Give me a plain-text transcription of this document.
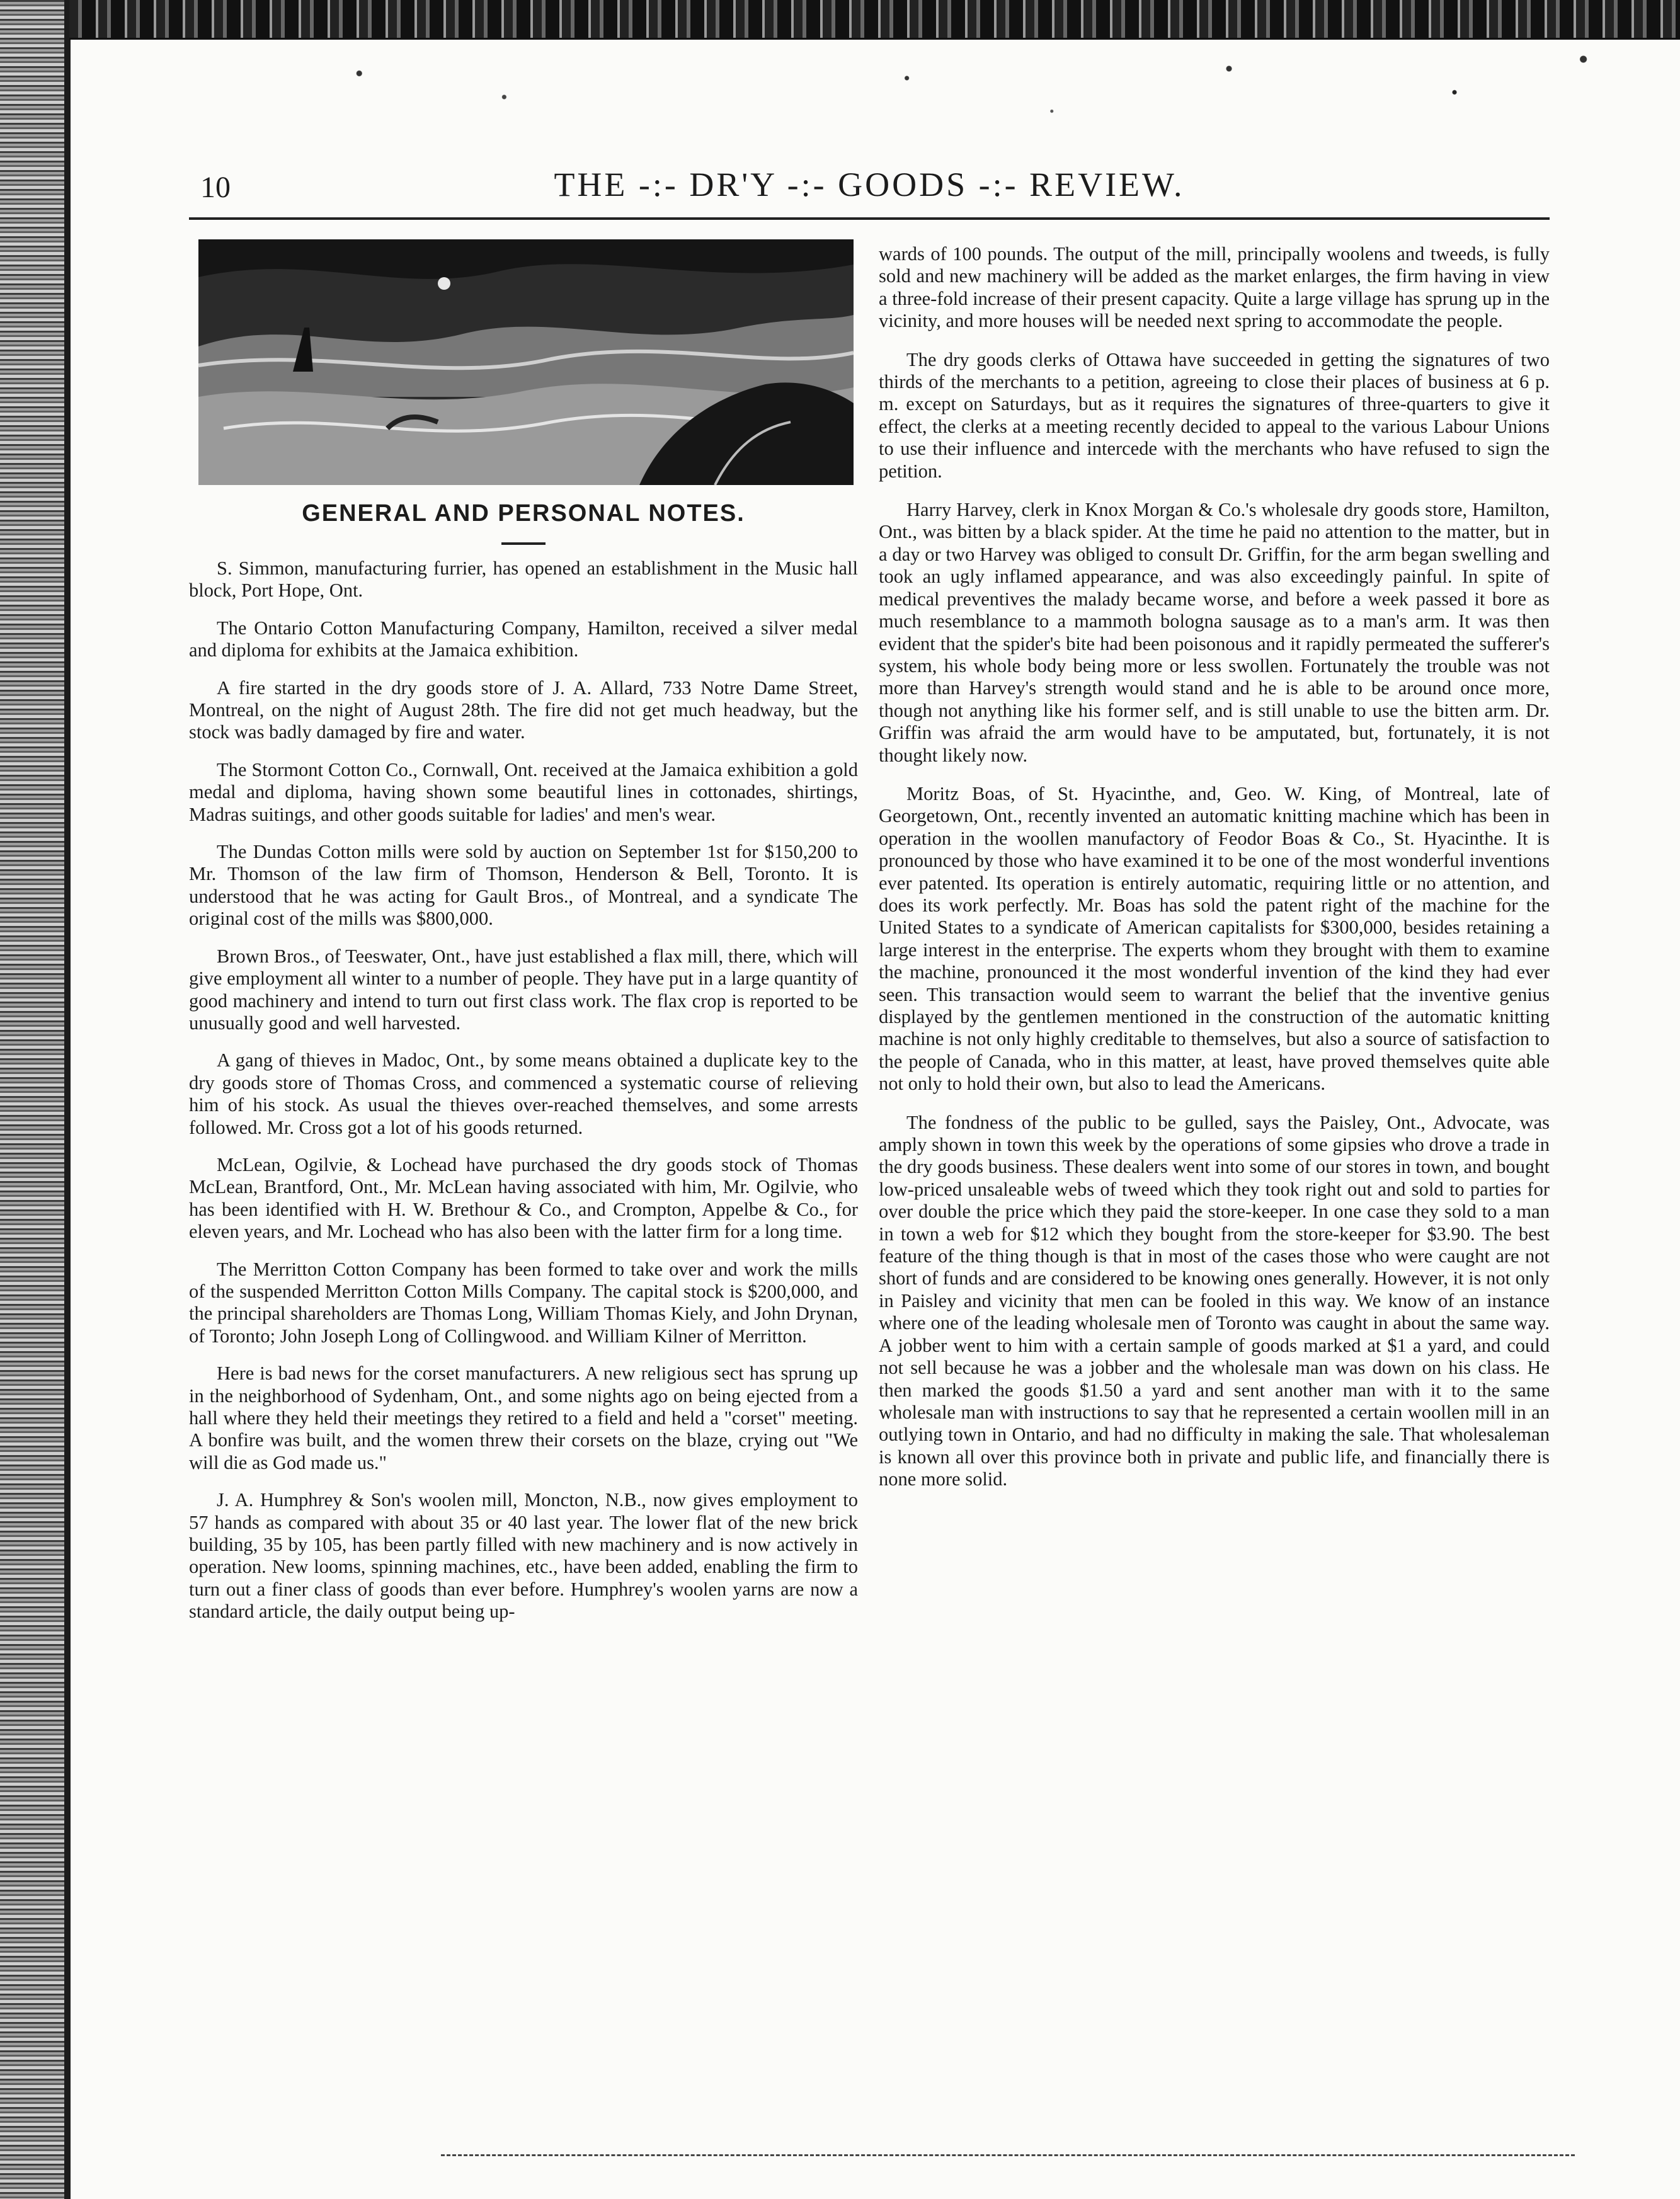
10	THE -:- DR'Y -:- GOODS -:- REVIEW.
GENERAL AND PERSONAL NOTES.

S. Simmon, manufacturing furrier, has opened an establishment in the Music hall block, Port Hope, Ont.

The Ontario Cotton Manufacturing Company, Hamilton, received a silver medal and diploma for exhibits at the Jamaica exhibition.

A fire started in the dry goods store of J. A. Allard, 733 Notre Dame Street, Montreal, on the night of August 28th. The fire did not get much headway, but the stock was badly damaged by fire and water.

The Stormont Cotton Co., Cornwall, Ont. received at the Jamaica exhibition a gold medal and diploma, having shown some beautiful lines in cottonades, shirtings, Madras suitings, and other goods suitable for ladies' and men's wear.

The Dundas Cotton mills were sold by auction on September 1st for $150,200 to Mr. Thomson of the law firm of Thomson, Henderson & Bell, Toronto. It is understood that he was acting for Gault Bros., of Montreal, and a syndicate The original cost of the mills was $800,000.

Brown Bros., of Teeswater, Ont., have just established a flax mill, there, which will give employment all winter to a number of people. They have put in a large quantity of good machinery and intend to turn out first class work. The flax crop is reported to be unusually good and well harvested.

A gang of thieves in Madoc, Ont., by some means obtained a duplicate key to the dry goods store of Thomas Cross, and commenced a systematic course of relieving him of his stock. As usual the thieves over-reached themselves, and some arrests followed. Mr. Cross got a lot of his goods returned.

McLean, Ogilvie, & Lochead have purchased the dry goods stock of Thomas McLean, Brantford, Ont., Mr. McLean having associated with him, Mr. Ogilvie, who has been identified with H. W. Brethour & Co., and Crompton, Appelbe & Co., for eleven years, and Mr. Lochead who has also been with the latter firm for a long time.

The Merritton Cotton Company has been formed to take over and work the mills of the suspended Merritton Cotton Mills Company. The capital stock is $200,000, and the principal shareholders are Thomas Long, William Thomas Kiely, and John Drynan, of Toronto; John Joseph Long of Collingwood. and William Kilner of Merritton.

Here is bad news for the corset manufacturers. A new religious sect has sprung up in the neighborhood of Sydenham, Ont., and some nights ago on being ejected from a hall where they held their meetings they retired to a field and held a "corset" meeting. A bonfire was built, and the women threw their corsets on the blaze, crying out "We will die as God made us."

J. A. Humphrey & Son's woolen mill, Moncton, N.B., now gives employment to 57 hands as compared with about 35 or 40 last year. The lower flat of the new brick building, 35 by 105, has been partly filled with new machinery and is now actively in operation. New looms, spinning machines, etc., have been added, enabling the firm to turn out a finer class of goods than ever before. Humphrey's woolen yarns are now a standard article, the daily output being up-

wards of 100 pounds. The output of the mill, principally woolens and tweeds, is fully sold and new machinery will be added as the market enlarges, the firm having in view a three-fold increase of their present capacity. Quite a large village has sprung up in the vicinity, and more houses will be needed next spring to accommodate the people.

The dry goods clerks of Ottawa have succeeded in getting the signatures of two thirds of the merchants to a petition, agreeing to close their places of business at 6 p. m. except on Saturdays, but as it requires the signatures of three-quarters to give it effect, the clerks at a meeting recently decided to appeal to the various Labour Unions to use their influence and intercede with the merchants who have refused to sign the petition.

Harry Harvey, clerk in Knox Morgan & Co.'s wholesale dry goods store, Hamilton, Ont., was bitten by a black spider. At the time he paid no attention to the matter, but in a day or two Harvey was obliged to consult Dr. Griffin, for the arm began swelling and took an ugly inflamed appearance, and was also exceedingly painful. In spite of medical preventives the malady became worse, and before a week passed it bore as much resemblance to a mammoth bologna sausage as to a man's arm. It was then evident that the spider's bite had been poisonous and it rapidly permeated the sufferer's system, his whole body being more or less swollen. Fortunately the trouble was not more than Harvey's strength would stand and he is able to be around once more, though not anything like his former self, and is still unable to use the bitten arm. Dr. Griffin was afraid the arm would have to be amputated, but, fortunately, it is not thought likely now.

Moritz Boas, of St. Hyacinthe, and, Geo. W. King, of Montreal, late of Georgetown, Ont., recently invented an automatic knitting machine which has been in operation in the woollen manufactory of Feodor Boas & Co., St. Hyacinthe. It is pronounced by those who have examined it to be one of the most wonderful inventions ever patented. Its operation is entirely automatic, requiring little or no attention, and does its work perfectly. Mr. Boas has sold the patent right of the machine for the United States to a syndicate of American capitalists for $300,000, besides retaining a large interest in the enterprise. The experts whom they brought with them to examine the machine, pronounced it the most wonderful invention of the kind they had ever seen. This transaction would seem to warrant the belief that the inventive genius displayed by the gentlemen mentioned in the construction of the automatic knitting machine is not only highly creditable to themselves, but also a source of satisfaction to the people of Canada, who in this matter, at least, have proved themselves quite able not only to hold their own, but also to lead the Americans.

The fondness of the public to be gulled, says the Paisley, Ont., Advocate, was amply shown in town this week by the operations of some gipsies who drove a trade in the dry goods business. These dealers went into some of our stores in town, and bought low-priced unsaleable webs of tweed which they took right out and sold to parties for over double the price which they paid the store-keeper. In one case they sold to a man in town a web for $12 which they bought from the store-keeper for $3.90. The best feature of the thing though is that in most of the cases those who were caught are not short of funds and are considered to be knowing ones generally. However, it is not only in Paisley and vicinity that men can be fooled in this way. We know of an instance where one of the leading wholesale men of Toronto was caught in about the same way. A jobber went to him with a certain sample of goods marked at $1 a yard, and could not sell because he was a jobber and the wholesale man was down on his class. He then marked the goods $1.50 a yard and sent another man with it to the same wholesale man with instructions to say that he represented a certain woollen mill in an outlying town in Ontario, and had no difficulty in making the sale. That wholesaleman is known all over this province both in private and public life, and financially there is none more solid.
